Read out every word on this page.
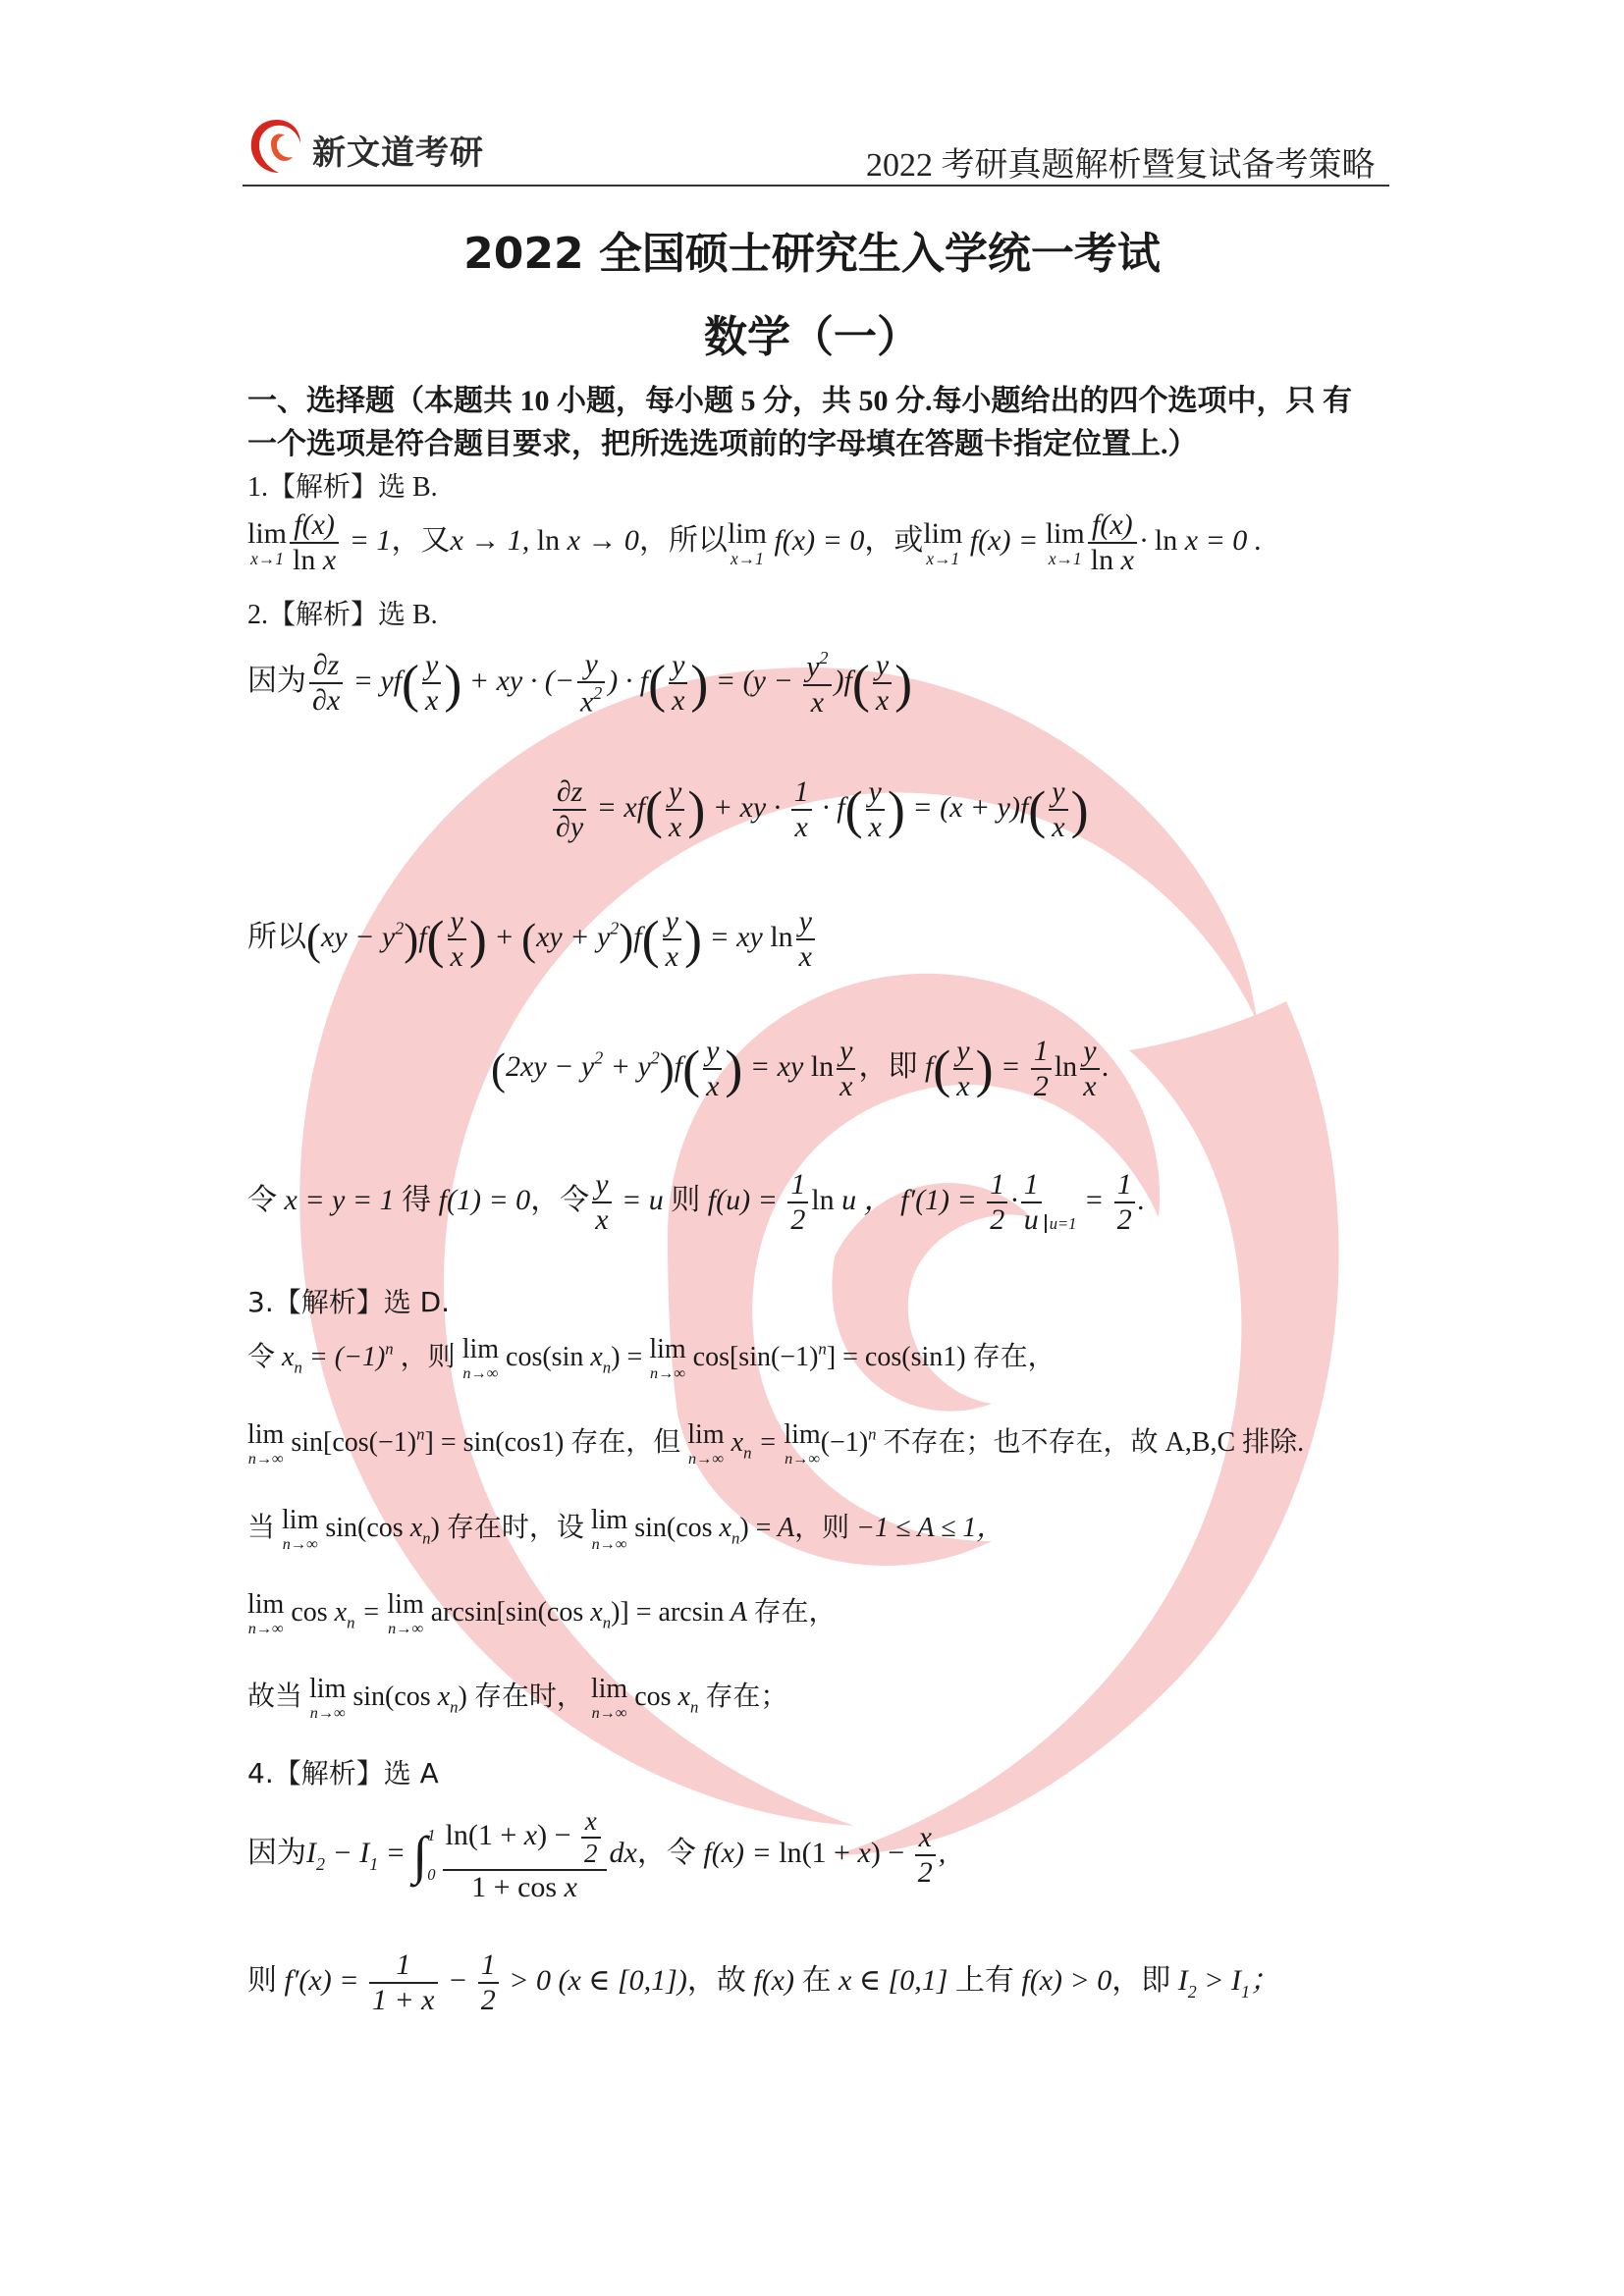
新文道考研	2022 考研真题解析暨复试备考策略
2022 全国硕士研究生入学统一考试
数学（一）
一、选择题（本题共 10 小题，每小题 5 分，共 50 分.每小题给出的四个选项中，只 有
一个选项是符合题目要求，把所选选项前的字母填在答题卡指定位置上.）
1.【解析】选 B.
lim
$x\to 1 \frac{f(x)}{\text{ln x}} = 1$，又x → 1, ln x → 0，所以lim
x→1
f(x) = 0，或lim
x→1
f(x) = lim
$x\to 1 \frac{f(x)}{\text{ln x}} \cdot \ln x = 0$ .
2.【解析】选 B.
因为 $\frac{\partial z}{\partial x} = yf( \frac{y}{x}$ ) + xy · (− $\frac{y}{x^2}$ ) · $f( \frac{y}{x}$ ) = $(y - \frac{y^2}{x} )f( \frac{y}{x}$ )
$\frac{\partial z}{\partial y} = xf( \frac{y}{x}$ ) + xy · $\frac{1}{x} \cdot f( \frac{y}{x}$ ) = $(x + y)f( \frac{y}{x}$ )
所以$(xy - y^2)f( \frac{y}{x}$ ) + $(xy + y^2)f( \frac{y}{x}$ ) = xy $\ln \frac{y}{x}$
$(2xy - y^2 + y^2)f( \frac{y}{x}$ ) = xy $\ln \frac{y}{x}$ ，即 $f( \frac{y}{x}$ ) = $\frac{1}{2}$ $\ln \frac{y}{x}$ .
令 x = y = 1 得 f(1) = 0，令 $\frac{y}{x} = u$ 则 $f(u) = \frac{1}{2}$ ln u ， $f'(1) = \frac{1}{2} \cdot \frac{1}{u} _{u=1} = \frac{1}{2}$ .
3.【解析】选 D.
令 $x_n = (-1)^n$ ，则 lim
n→∞
cos(sin $x_n) = \lim$
n→∞
$\cos[\sin(-1)^n] = \cos(\sin 1)$ 存在，
lim
n→∞
$\sin[\cos(-1)^n] = \sin(\cos 1)$ 存在，但 lim
n→∞
$x_n = \lim$
n→∞
$(-1)^n$ 不存在；也不存在，故 A,B,C 排除.
当 lim
n→∞
sin(cos $x_n$) 存在时，设 lim
n→∞
sin(cos $x_n) = A$，则 −1 ≤ A ≤ 1，
lim
n→∞
$\cos x_n = \lim$
n→∞
arcsin[sin(cos $x_n)] = \arcsin A$ 存在，
故当 lim
n→∞
sin(cos $x_n$) 存在时， lim
n→∞
$\cos x_n$ 存在；
4.【解析】选 A
因为$I_2 - I_1$ = ∫ 1
$0 \frac{\ln(1 + x) - \frac{x}{2}}{\text{1 + cos x}}$ dx，令 $f(x) = \ln(1 + x) - \frac{x}{2}$ ,
则 $f'(x) = \frac{1}{1 + x} - \frac{1}{2} > 0$ (x ∈ [0,1])，故 f(x) 在 x ∈ [0,1] 上有 f(x) > 0，即 $I_2 > I_1$；
